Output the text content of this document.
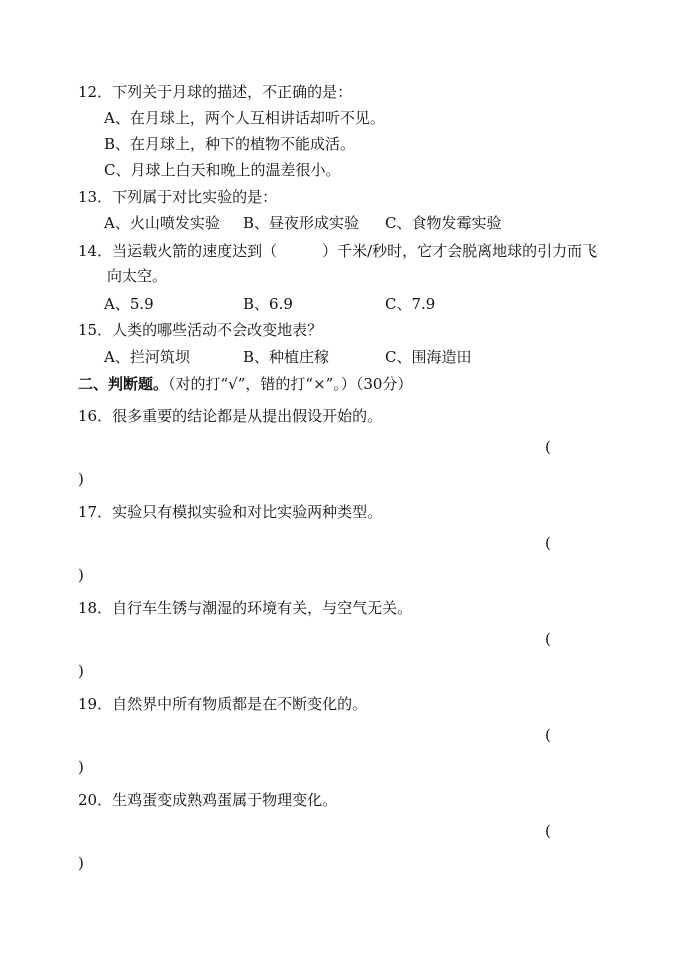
12．下列关于月球的描述，不正确的是：
A、在月球上，两个人互相讲话却听不见。
B、在月球上，种下的植物不能成活。
C、月球上白天和晚上的温差很小。
13．下列属于对比实验的是：
A、火山喷发实验 B、昼夜形成实验 C、食物发霉实验
14．当运载火箭的速度达到（　　　）千米/秒时，它才会脱离地球的引力而飞
向太空。
A、5.9	B、6.9	C、7.9
15．人类的哪些活动不会改变地表？
A、拦河筑坝	B、种植庄稼	C、围海造田
二、判断题。（对的打“√”，错的打“×”。）（30分）
16．很多重要的结论都是从提出假设开始的。
(
)
17．实验只有模拟实验和对比实验两种类型。
(
)
18．自行车生锈与潮湿的环境有关，与空气无关。
(
)
19．自然界中所有物质都是在不断变化的。
(
)
20．生鸡蛋变成熟鸡蛋属于物理变化。
(
)
